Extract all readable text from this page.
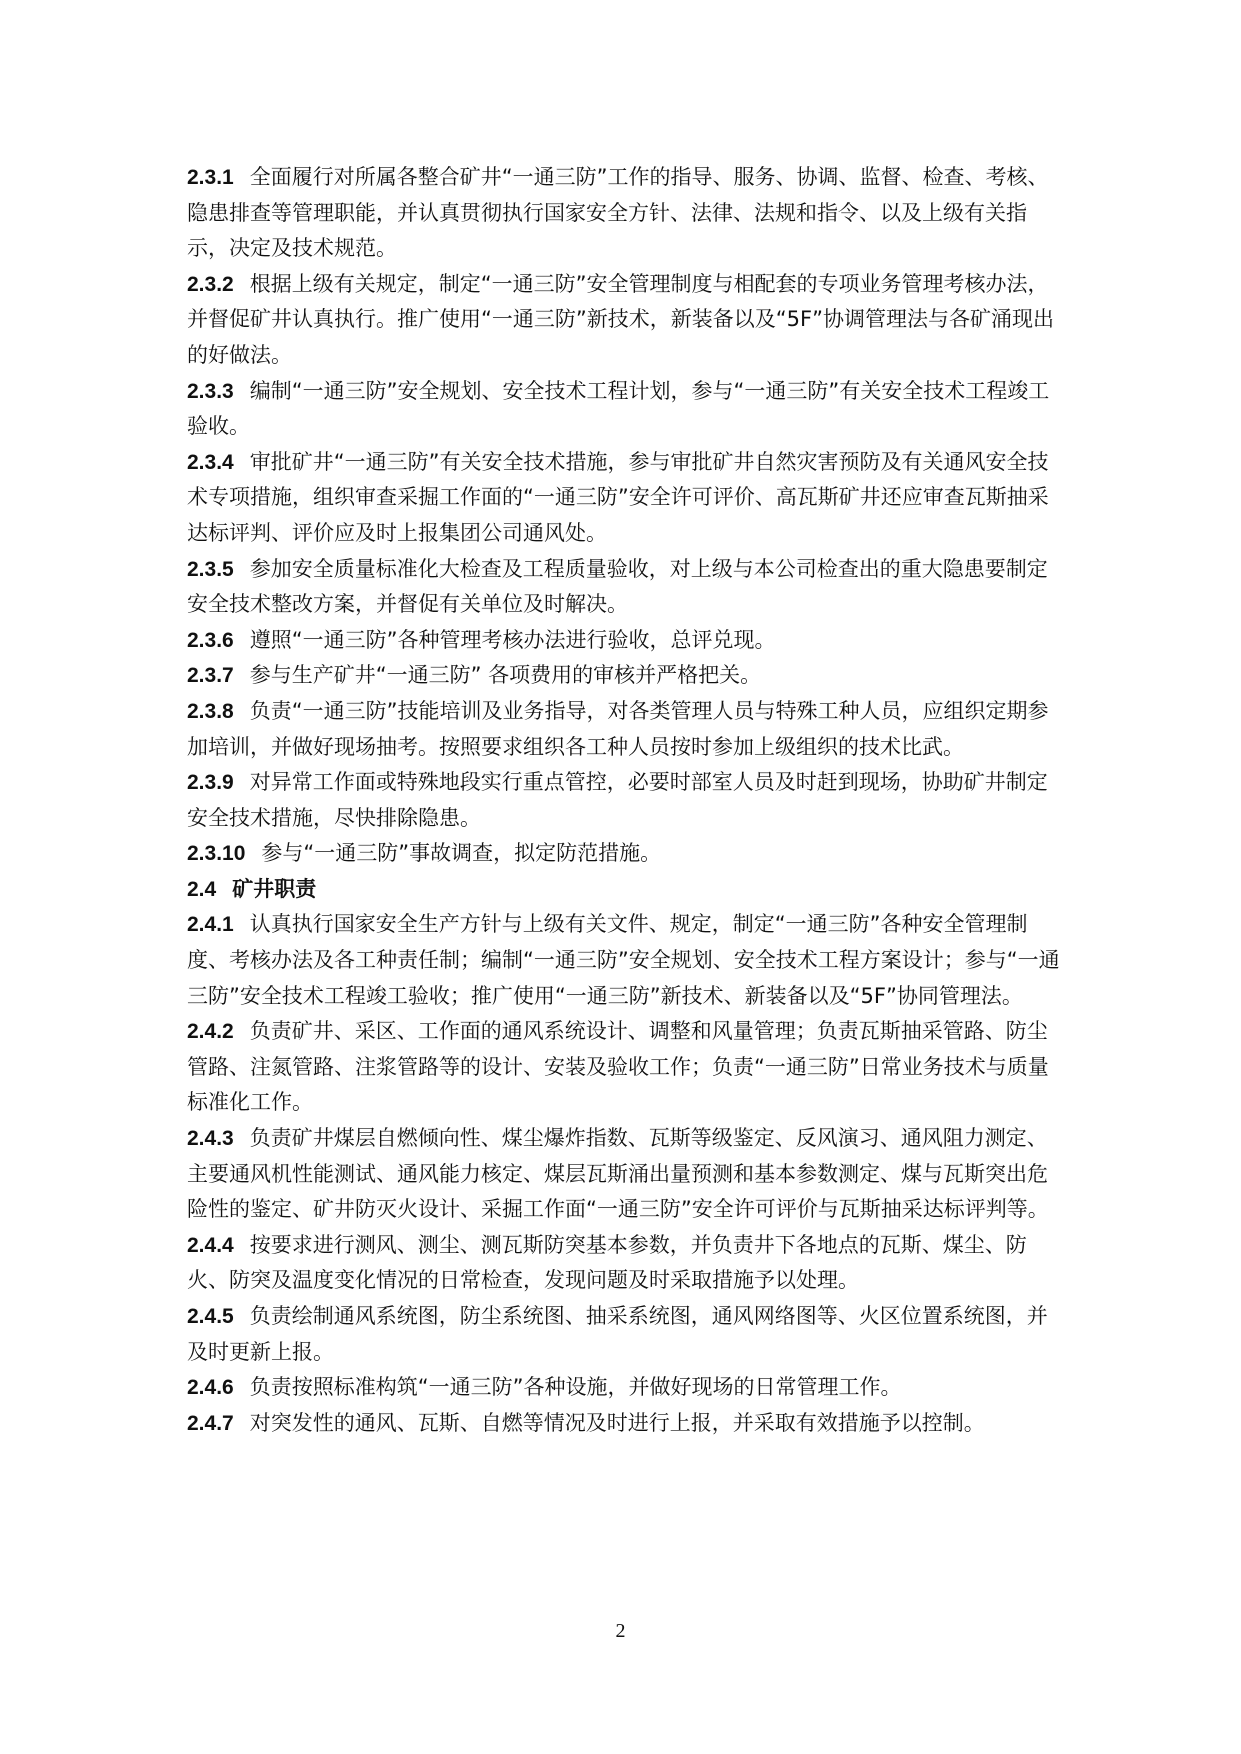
2.3.1 全面履行对所属各整合矿井“一通三防”工作的指导、服务、协调、监督、检查、考核、隐患排查等管理职能，并认真贯彻执行国家安全方针、法律、法规和指令、以及上级有关指示，决定及技术规范。

2.3.2 根据上级有关规定，制定“一通三防”安全管理制度与相配套的专项业务管理考核办法，并督促矿井认真执行。推广使用“一通三防”新技术，新装备以及“5F”协调管理法与各矿涌现出的好做法。

2.3.3 编制“一通三防”安全规划、安全技术工程计划，参与“一通三防”有关安全技术工程竣工验收。

2.3.4 审批矿井“一通三防”有关安全技术措施，参与审批矿井自然灾害预防及有关通风安全技术专项措施，组织审查采掘工作面的“一通三防”安全许可评价、高瓦斯矿井还应审查瓦斯抽采达标评判、评价应及时上报集团公司通风处。

2.3.5 参加安全质量标准化大检查及工程质量验收，对上级与本公司检查出的重大隐患要制定安全技术整改方案，并督促有关单位及时解决。

2.3.6 遵照“一通三防”各种管理考核办法进行验收，总评兑现。

2.3.7 参与生产矿井“一通三防” 各项费用的审核并严格把关。

2.3.8 负责“一通三防”技能培训及业务指导，对各类管理人员与特殊工种人员，应组织定期参加培训，并做好现场抽考。按照要求组织各工种人员按时参加上级组织的技术比武。

2.3.9 对异常工作面或特殊地段实行重点管控，必要时部室人员及时赶到现场，协助矿井制定安全技术措施，尽快排除隐患。

2.3.10 参与“一通三防”事故调查，拟定防范措施。

2.4 矿井职责

2.4.1 认真执行国家安全生产方针与上级有关文件、规定，制定“一通三防”各种安全管理制度、考核办法及各工种责任制；编制“一通三防”安全规划、安全技术工程方案设计；参与“一通三防”安全技术工程竣工验收；推广使用“一通三防”新技术、新装备以及“5F”协同管理法。

2.4.2 负责矿井、采区、工作面的通风系统设计、调整和风量管理；负责瓦斯抽采管路、防尘管路、注氮管路、注浆管路等的设计、安装及验收工作；负责“一通三防”日常业务技术与质量标准化工作。

2.4.3 负责矿井煤层自燃倾向性、煤尘爆炸指数、瓦斯等级鉴定、反风演习、通风阻力测定、主要通风机性能测试、通风能力核定、煤层瓦斯涌出量预测和基本参数测定、煤与瓦斯突出危险性的鉴定、矿井防灭火设计、采掘工作面“一通三防”安全许可评价与瓦斯抽采达标评判等。

2.4.4 按要求进行测风、测尘、测瓦斯防突基本参数，并负责井下各地点的瓦斯、煤尘、防火、防突及温度变化情况的日常检查，发现问题及时采取措施予以处理。

2.4.5 负责绘制通风系统图，防尘系统图、抽采系统图，通风网络图等、火区位置系统图，并及时更新上报。

2.4.6 负责按照标准构筑“一通三防”各种设施，并做好现场的日常管理工作。

2.4.7 对突发性的通风、瓦斯、自燃等情况及时进行上报，并采取有效措施予以控制。

2
